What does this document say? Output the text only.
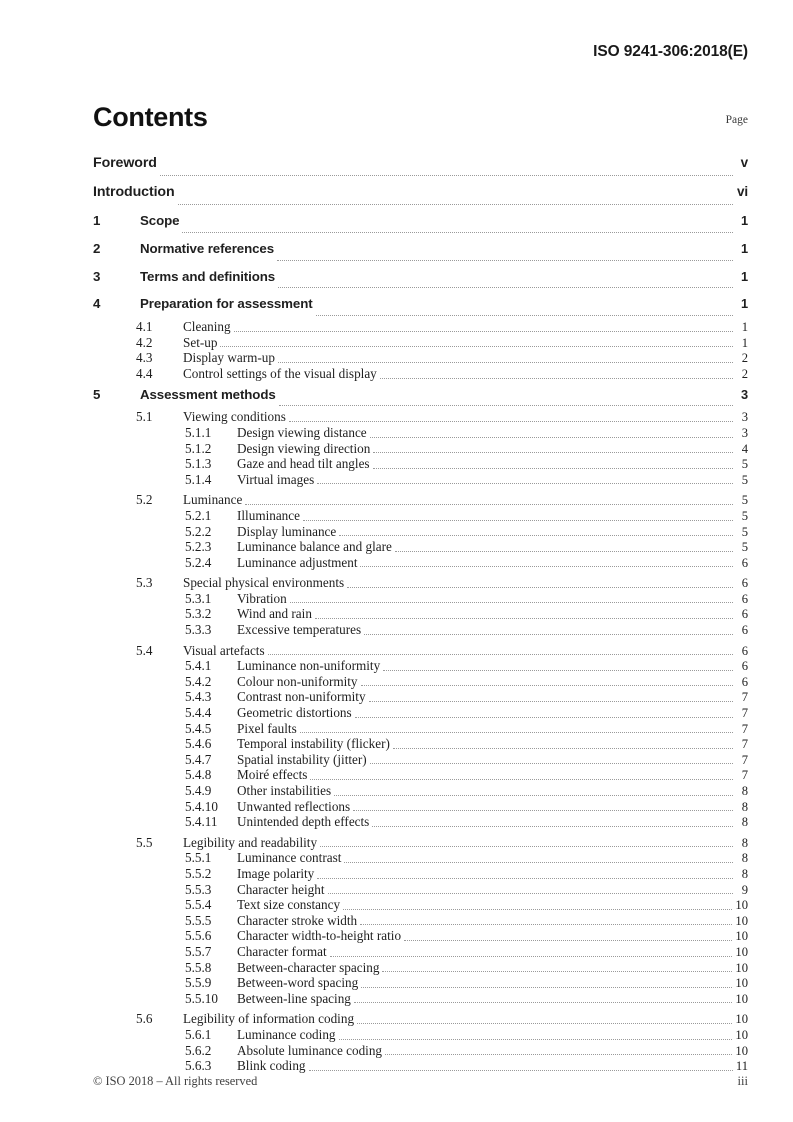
ISO 9241-306:2018(E)
Contents	Page
Foreword	v
Introduction	vi
1	Scope	1
2	Normative references	1
3	Terms and definitions	1
4	Preparation for assessment	1
4.1	Cleaning	1
4.2	Set-up	1
4.3	Display warm-up	2
4.4	Control settings of the visual display	2
5	Assessment methods	3
5.1	Viewing conditions	3
5.1.1	Design viewing distance	3
5.1.2	Design viewing direction	4
5.1.3	Gaze and head tilt angles	5
5.1.4	Virtual images	5
5.2	Luminance	5
5.2.1	Illuminance	5
5.2.2	Display luminance	5
5.2.3	Luminance balance and glare	5
5.2.4	Luminance adjustment	6
5.3	Special physical environments	6
5.3.1	Vibration	6
5.3.2	Wind and rain	6
5.3.3	Excessive temperatures	6
5.4	Visual artefacts	6
5.4.1	Luminance non-uniformity	6
5.4.2	Colour non-uniformity	6
5.4.3	Contrast non-uniformity	7
5.4.4	Geometric distortions	7
5.4.5	Pixel faults	7
5.4.6	Temporal instability (flicker)	7
5.4.7	Spatial instability (jitter)	7
5.4.8	Moiré effects	7
5.4.9	Other instabilities	8
5.4.10	Unwanted reflections	8
5.4.11	Unintended depth effects	8
5.5	Legibility and readability	8
5.5.1	Luminance contrast	8
5.5.2	Image polarity	8
5.5.3	Character height	9
5.5.4	Text size constancy	10
5.5.5	Character stroke width	10
5.5.6	Character width-to-height ratio	10
5.5.7	Character format	10
5.5.8	Between-character spacing	10
5.5.9	Between-word spacing	10
5.5.10	Between-line spacing	10
5.6	Legibility of information coding	10
5.6.1	Luminance coding	10
5.6.2	Absolute luminance coding	10
5.6.3	Blink coding	11
© ISO 2018 – All rights reserved	iii
